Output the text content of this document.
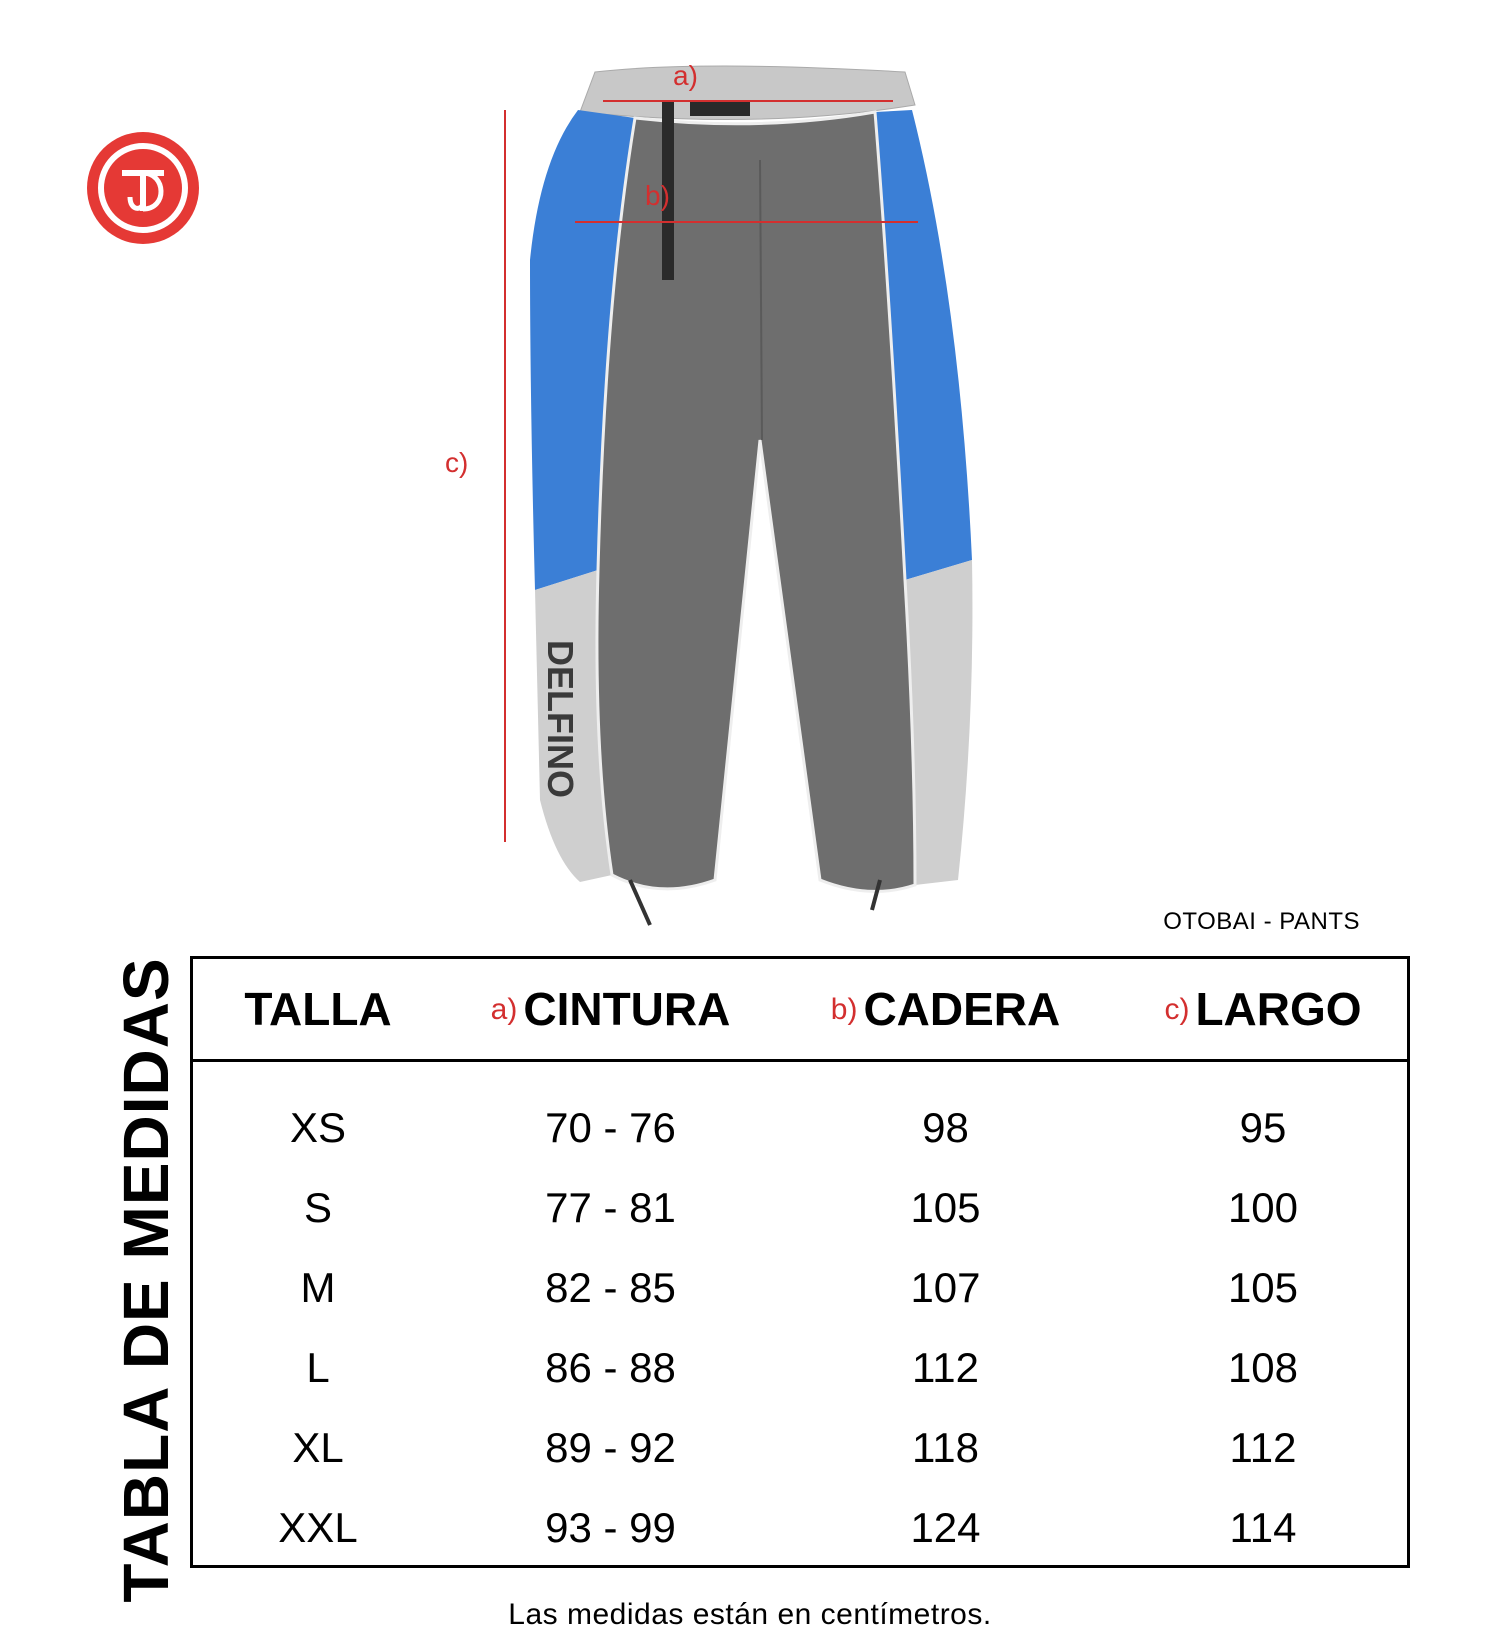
DELFINO
a)
b)
c)
OTOBAI - PANTS
TABLA DE MEDIDAS	TALLA	a) CINTURA	b) CADERA	c) LARGO
XS	70 - 76	98	95
S	77 - 81	105	100
M	82 - 85	107	105
L	86 - 88	112	108
XL	89 - 92	118	112
XXL	93 - 99	124	114
Las medidas están en centímetros.
